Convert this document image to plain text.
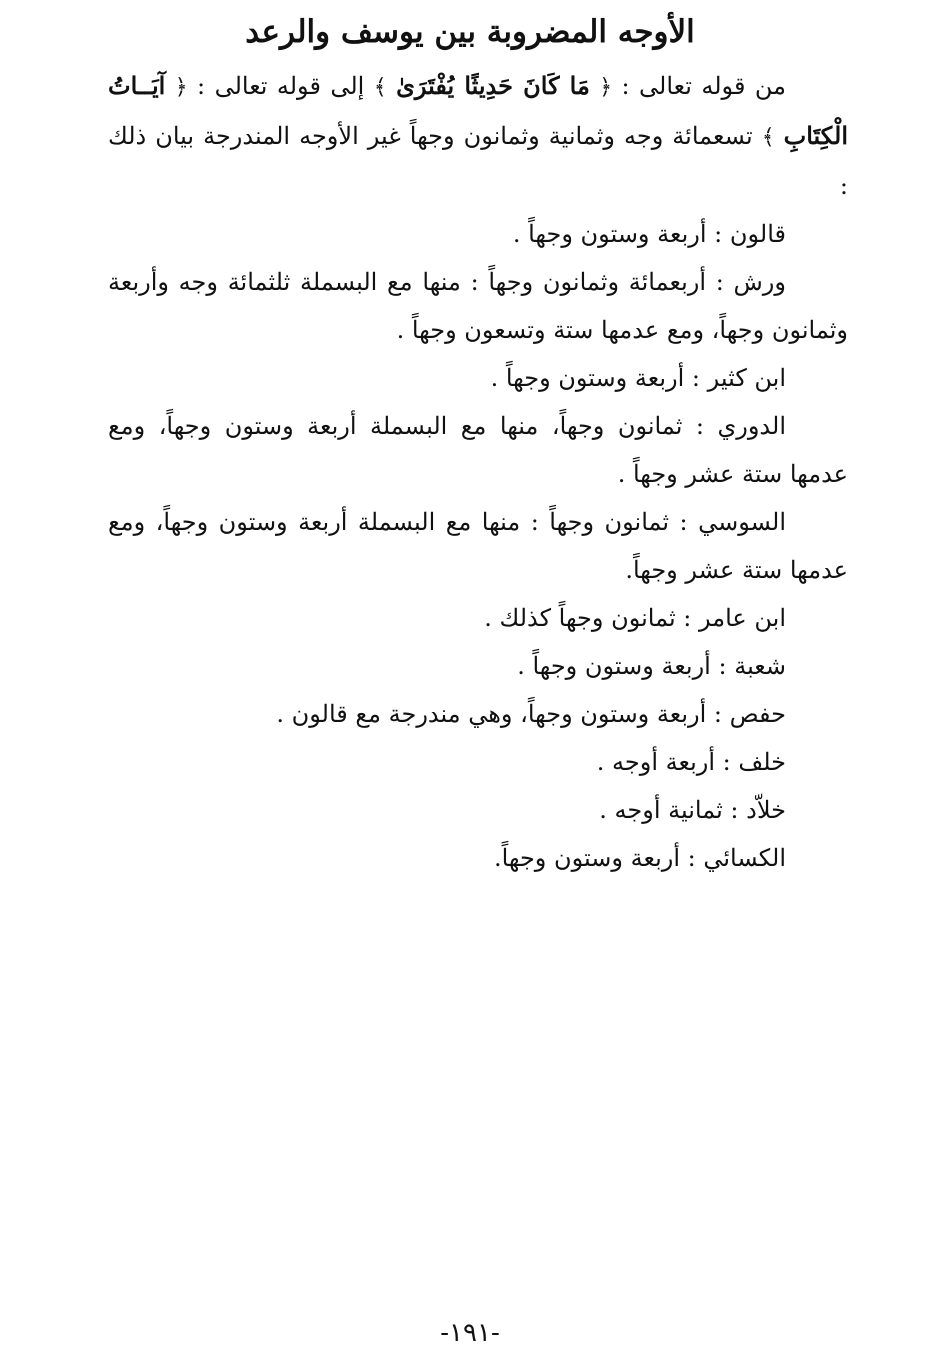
الأوجه المضروبة بين يوسف والرعد

من قوله تعالى : ﴿ مَا كَانَ حَدِيثًا يُفْتَرَىٰ ﴾ إلى قوله تعالى : ﴿ آيَــاتُ الْكِتَابِ ﴾ تسعمائة وجه وثمانية وثمانون وجهاً غير الأوجه المندرجة بيان ذلك :

قالون : أربعة وستون وجهاً .

ورش : أربعمائة وثمانون وجهاً : منها مع البسملة ثلثمائة وجه وأربعة وثمانون وجهاً، ومع عدمها ستة وتسعون وجهاً .

ابن كثير : أربعة وستون وجهاً .

الدوري : ثمانون وجهاً، منها مع البسملة أربعة وستون وجهاً، ومع عدمها ستة عشر وجهاً .

السوسي : ثمانون وجهاً : منها مع البسملة أربعة وستون وجهاً، ومع عدمها ستة عشر وجهاً.

ابن عامر : ثمانون وجهاً كذلك .

شعبة : أربعة وستون وجهاً .

حفص : أربعة وستون وجهاً، وهي مندرجة مع قالون .

خلف : أربعة أوجه .

خلاّد : ثمانية أوجه .

الكسائي : أربعة وستون وجهاً.

-١٩١-
